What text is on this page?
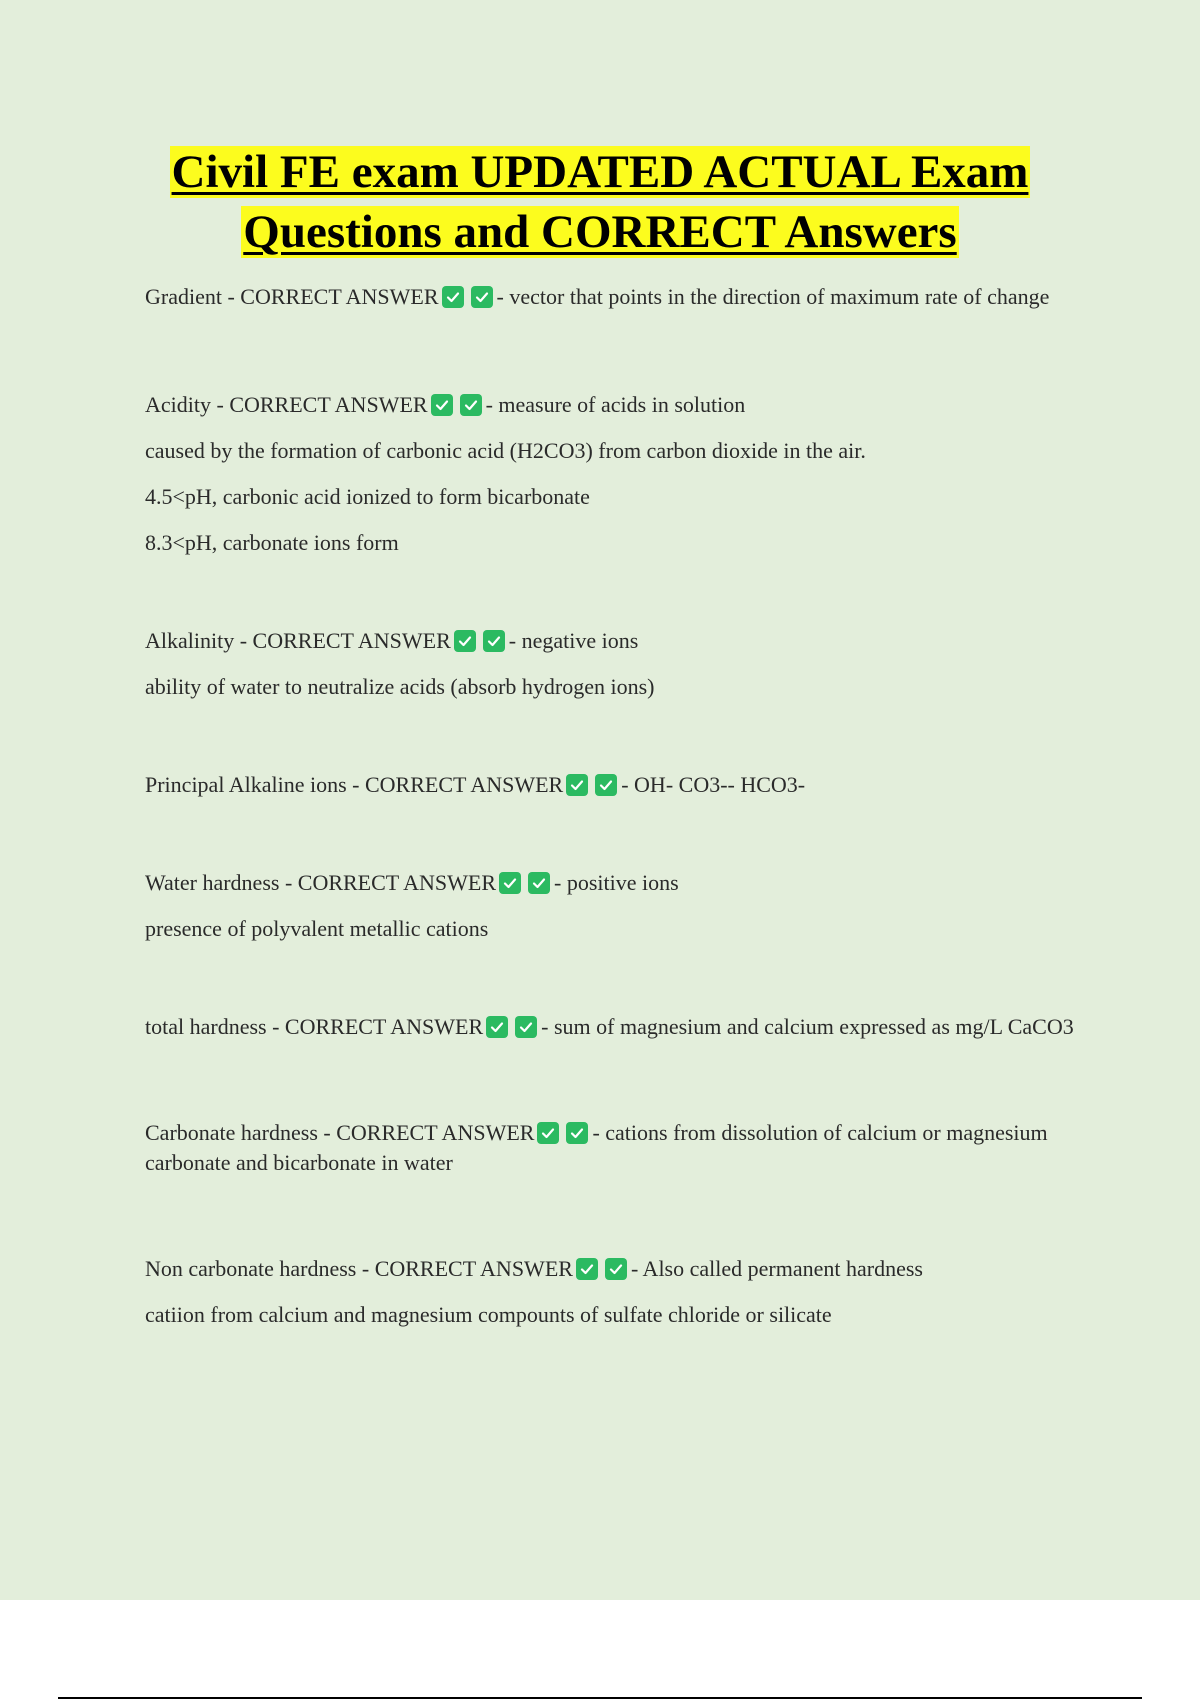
Civil FE exam UPDATED ACTUAL Exam Questions and CORRECT Answers
Gradient - CORRECT ANSWER	- vector that points in the direction of maximum rate of change
Acidity - CORRECT ANSWER	- measure of acids in solution
caused by the formation of carbonic acid (H2CO3) from carbon dioxide in the air.
4.5<pH, carbonic acid ionized to form bicarbonate
8.3<pH, carbonate ions form
Alkalinity - CORRECT ANSWER	- negative ions
ability of water to neutralize acids (absorb hydrogen ions)
Principal Alkaline ions - CORRECT ANSWER	- OH- CO3-- HCO3-
Water hardness - CORRECT ANSWER	- positive ions
presence of polyvalent metallic cations
total hardness - CORRECT ANSWER	- sum of magnesium and calcium expressed as mg/L CaCO3
Carbonate hardness - CORRECT ANSWER	- cations from dissolution of calcium or magnesium carbonate and bicarbonate in water
Non carbonate hardness - CORRECT ANSWER	- Also called permanent hardness
catiion from calcium and magnesium compounts of sulfate chloride or silicate
